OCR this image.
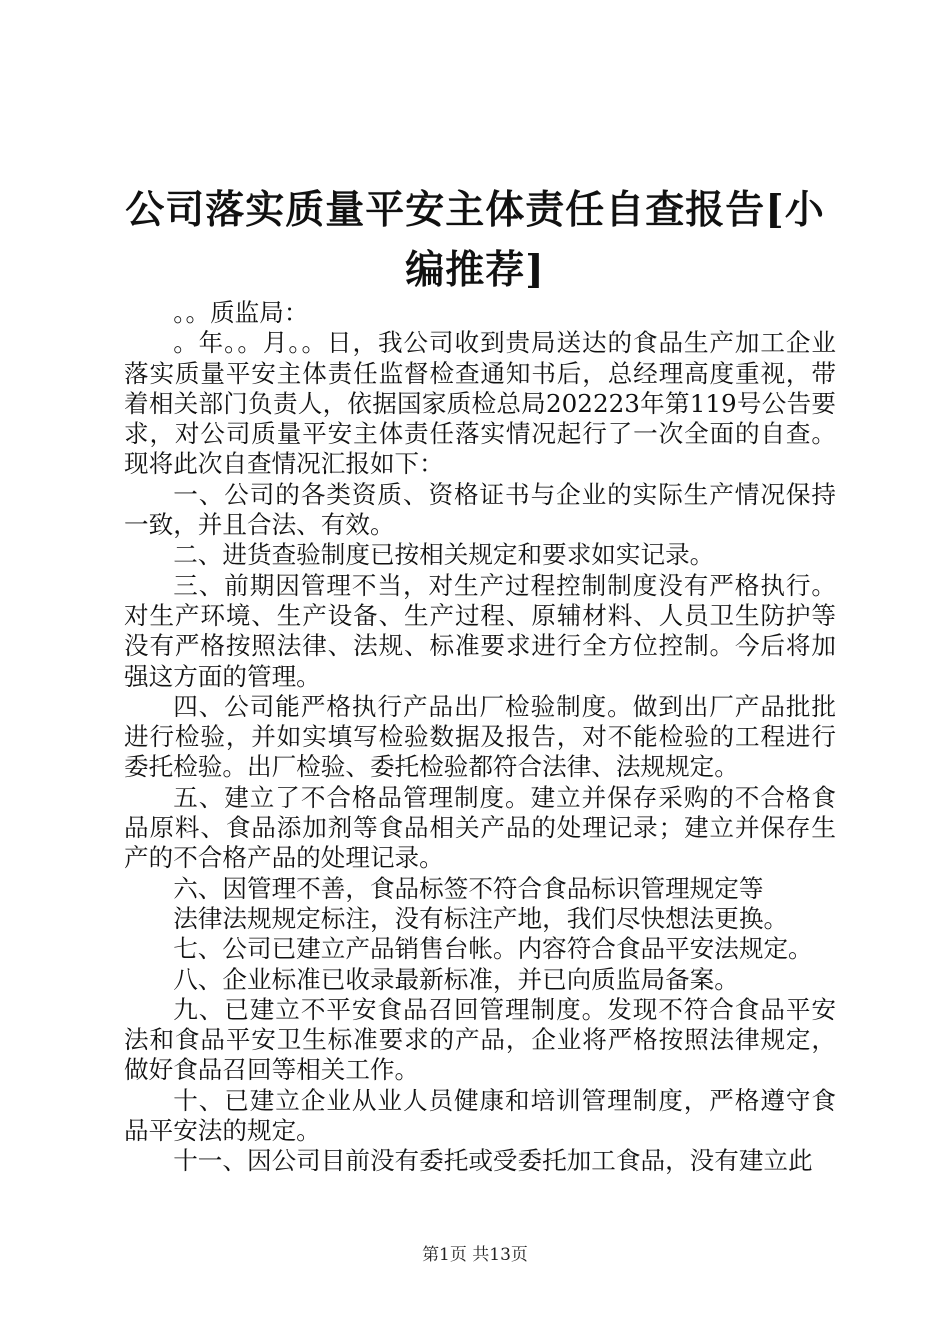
公司落实质量平安主体责任自查报告[小编推荐]

。。质监局：

。年。。月。。日，我公司收到贵局送达的食品生产加工企业落实质量平安主体责任监督检查通知书后，总经理高度重视，带着相关部门负责人，依据国家质检总局202223年第119号公告要求，对公司质量平安主体责任落实情况起行了一次全面的自查。现将此次自查情况汇报如下：

一、公司的各类资质、资格证书与企业的实际生产情况保持一致，并且合法、有效。

二、进货查验制度已按相关规定和要求如实记录。

三、前期因管理不当，对生产过程控制制度没有严格执行。对生产环境、生产设备、生产过程、原辅材料、人员卫生防护等没有严格按照法律、法规、标准要求进行全方位控制。今后将加强这方面的管理。

四、公司能严格执行产品出厂检验制度。做到出厂产品批批进行检验，并如实填写检验数据及报告，对不能检验的工程进行委托检验。出厂检验、委托检验都符合法律、法规规定。

五、建立了不合格品管理制度。建立并保存采购的不合格食品原料、食品添加剂等食品相关产品的处理记录；建立并保存生产的不合格产品的处理记录。

六、因管理不善，食品标签不符合食品标识管理规定等

法律法规规定标注，没有标注产地，我们尽快想法更换。

七、公司已建立产品销售台帐。内容符合食品平安法规定。

八、企业标准已收录最新标准，并已向质监局备案。

九、已建立不平安食品召回管理制度。发现不符合食品平安法和食品平安卫生标准要求的产品，企业将严格按照法律规定，做好食品召回等相关工作。

十、已建立企业从业人员健康和培训管理制度，严格遵守食品平安法的规定。

十一、因公司目前没有委托或受委托加工食品，没有建立此

第1页 共13页
